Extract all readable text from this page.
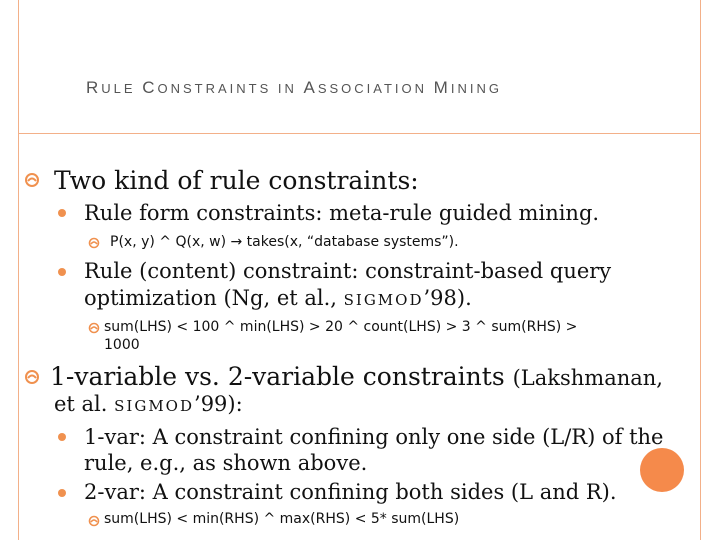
RULE CONSTRAINTS IN ASSOCIATION MINING
Two kind of rule constraints:
Rule form constraints: meta-rule guided mining.
P(x, y) ^ Q(x, w) → takes(x, “database systems”).
Rule (content) constraint: constraint-based query
optimization (Ng, et al., SIGMOD’98).
sum(LHS) < 100 ^ min(LHS) > 20 ^ count(LHS) > 3 ^ sum(RHS) >
1000
1-variable vs. 2-variable constraints (Lakshmanan,
et al. SIGMOD’99):
1-var: A constraint confining only one side (L/R) of the
rule, e.g., as shown above.
2-var: A constraint confining both sides (L and R).
sum(LHS) < min(RHS) ^ max(RHS) < 5* sum(LHS)
